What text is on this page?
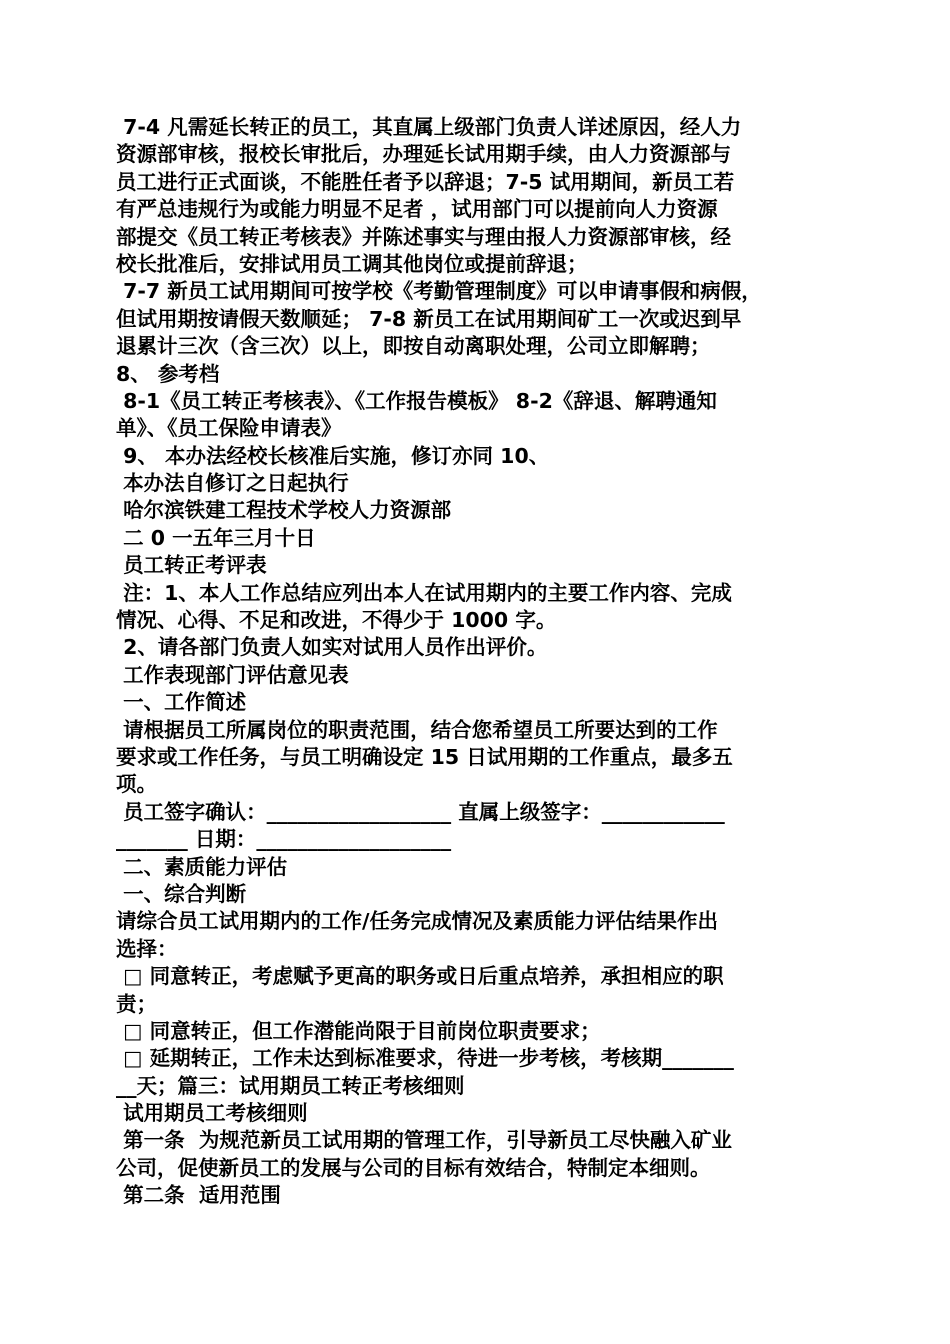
7-4 凡需延长转正的员工，其直属上级部门负责人详述原因，经人力
资源部审核，报校长审批后，办理延长试用期手续，由人力资源部与
员工进行正式面谈，不能胜任者予以辞退；7-5 试用期间，新员工若
有严总违规行为或能力明显不足者 ，试用部门可以提前向人力资源
部提交《员工转正考核表》并陈述事实与理由报人力资源部审核，经
校长批准后，安排试用员工调其他岗位或提前辞退；
7-7 新员工试用期间可按学校《考勤管理制度》可以申请事假和病假，
但试用期按请假天数顺延； 7-8 新员工在试用期间矿工一次或迟到早
退累计三次（含三次）以上，即按自动离职处理，公司立即解聘；
8、 参考档
8-1《员工转正考核表》、《工作报告模板》 8-2《辞退、解聘通知
单》、《员工保险申请表》
9、 本办法经校长核准后实施，修订亦同 10、
本办法自修订之日起执行
哈尔滨铁建工程技术学校人力资源部
二 0 一五年三月十日
员工转正考评表
注：1、本人工作总结应列出本人在试用期内的主要工作内容、完成
情况、心得、不足和改进，不得少于 1000 字。
2、请各部门负责人如实对试用人员作出评价。
工作表现部门评估意见表
一、工作简述
请根据员工所属岗位的职责范围，结合您希望员工所要达到的工作
要求或工作任务，与员工明确设定 15 日试用期的工作重点，最多五
项。
员工签字确认：__________________ 直属上级签字：____________
_______ 日期：___________________
二、素质能力评估
一、综合判断
请综合员工试用期内的工作/任务完成情况及素质能力评估结果作出
选择：
□ 同意转正，考虑赋予更高的职务或日后重点培养，承担相应的职
责；
□ 同意转正，但工作潜能尚限于目前岗位职责要求；
□ 延期转正，工作未达到标准要求，待进一步考核，考核期_______
__天；篇三：试用期员工转正考核细则
试用期员工考核细则
第一条  为规范新员工试用期的管理工作，引导新员工尽快融入矿业
公司，促使新员工的发展与公司的目标有效结合，特制定本细则。
第二条  适用范围
